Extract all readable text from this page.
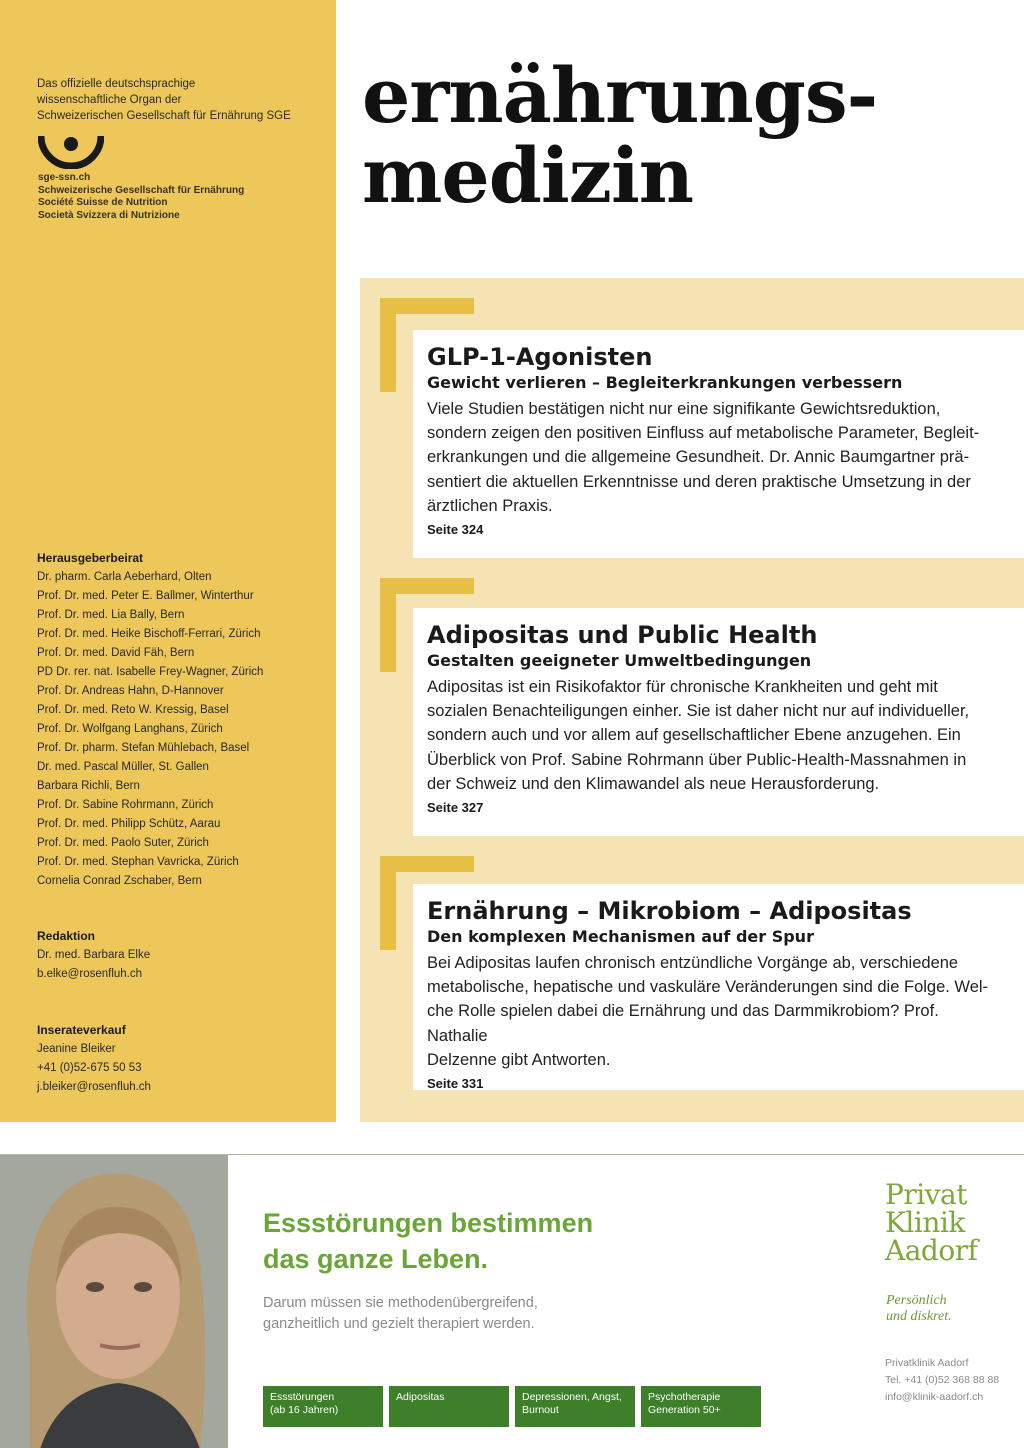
Das offizielle deutschsprachige
wissenschaftliche Organ der
Schweizerischen Gesellschaft für Ernährung SGE
sge-ssn.ch
Schweizerische Gesellschaft für Ernährung
Société Suisse de Nutrition
Società Svizzera di Nutrizione
Herausgeberbeirat
Dr. pharm. Carla Aeberhard, Olten
Prof. Dr. med. Peter E. Ballmer, Winterthur
Prof. Dr. med. Lia Bally, Bern
Prof. Dr. med. Heike Bischoff-Ferrari, Zürich
Prof. Dr. med. David Fäh, Bern
PD Dr. rer. nat. Isabelle Frey-Wagner, Zürich
Prof. Dr. Andreas Hahn, D-Hannover
Prof. Dr. med. Reto W. Kressig, Basel
Prof. Dr. Wolfgang Langhans, Zürich
Prof. Dr. pharm. Stefan Mühlebach, Basel
Dr. med. Pascal Müller, St. Gallen
Barbara Richli, Bern
Prof. Dr. Sabine Rohrmann, Zürich
Prof. Dr. med. Philipp Schütz, Aarau
Prof. Dr. med. Paolo Suter, Zürich
Prof. Dr. med. Stephan Vavricka, Zürich
Cornelia Conrad Zschaber, Bern
Redaktion
Dr. med. Barbara Elke
b.elke@rosenfluh.ch
Inserateverkauf
Jeanine Bleiker
+41 (0)52-675 50 53
j.bleiker@rosenfluh.ch
ernährungs-
medizin
GLP-1-Agonisten
Gewicht verlieren – Begleiterkrankungen verbessern

Viele Studien bestätigen nicht nur eine signifikante Gewichtsreduktion,
sondern zeigen den positiven Einfluss auf metabolische Parameter, Begleit-
erkrankungen und die allgemeine Gesundheit. Dr. Annic Baumgartner prä-
sentiert die aktuellen Erkenntnisse und deren praktische Umsetzung in der
ärztlichen Praxis.

Seite 324
Adipositas und Public Health
Gestalten geeigneter Umweltbedingungen

Adipositas ist ein Risikofaktor für chronische Krankheiten und geht mit
sozialen Benachteiligungen einher. Sie ist daher nicht nur auf individueller,
sondern auch und vor allem auf gesellschaftlicher Ebene anzugehen. Ein
Überblick von Prof. Sabine Rohrmann über Public-Health-Massnahmen in
der Schweiz und den Klimawandel als neue Herausforderung.

Seite 327
Ernährung – Mikrobiom – Adipositas
Den komplexen Mechanismen auf der Spur

Bei Adipositas laufen chronisch entzündliche Vorgänge ab, verschiedene
metabolische, hepatische und vaskuläre Veränderungen sind die Folge. Wel-
che Rolle spielen dabei die Ernährung und das Darmmikrobiom? Prof. Nathalie
Delzenne gibt Antworten.

Seite 331
Essstörungen bestimmen
das ganze Leben.
Darum müssen sie methodenübergreifend,
ganzheitlich und gezielt therapiert werden.
Essstörungen
(ab 16 Jahren)
Adipositas	Depressionen, Angst,
Burnout
Psychotherapie
Generation 50+
Privat
Klinik
Aadorf
Persönlich
und diskret.
Privatklinik Aadorf
Tel. +41 (0)52 368 88 88
info@klinik-aadorf.ch
